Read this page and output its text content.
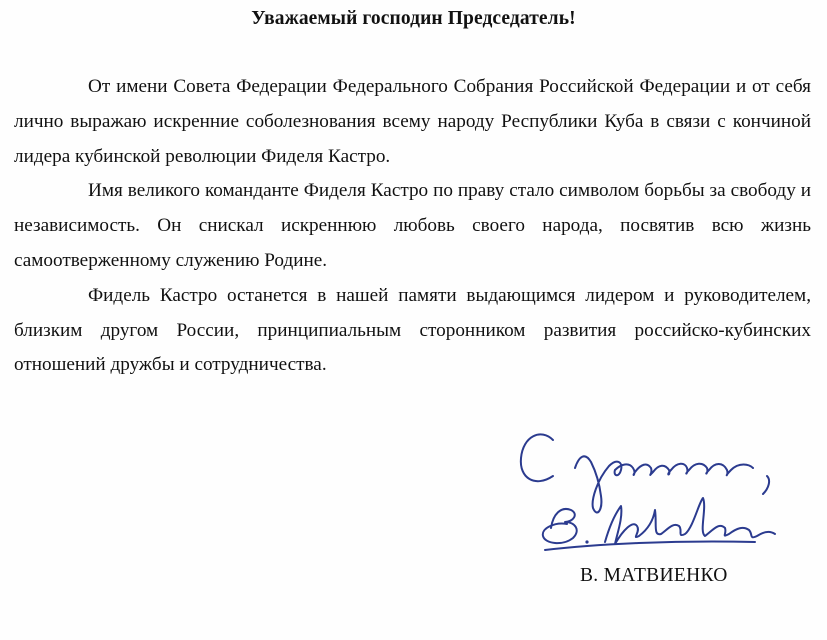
Уважаемый господин Председатель!

От имени Совета Федерации Федерального Собрания Российской Федерации и от себя лично выражаю искренние соболезнования всему народу Республики Куба в связи с кончиной лидера кубинской революции Фиделя Кастро.

Имя великого команданте Фиделя Кастро по праву стало символом борьбы за свободу и независимость. Он снискал искреннюю любовь своего народа, посвятив всю жизнь самоотверженному служению Родине.

Фидель Кастро останется в нашей памяти выдающимся лидером и руководителем, близким другом России, принципиальным сторонником развития российско-кубинских отношений дружбы и сотрудничества.

В. МАТВИЕНКО
